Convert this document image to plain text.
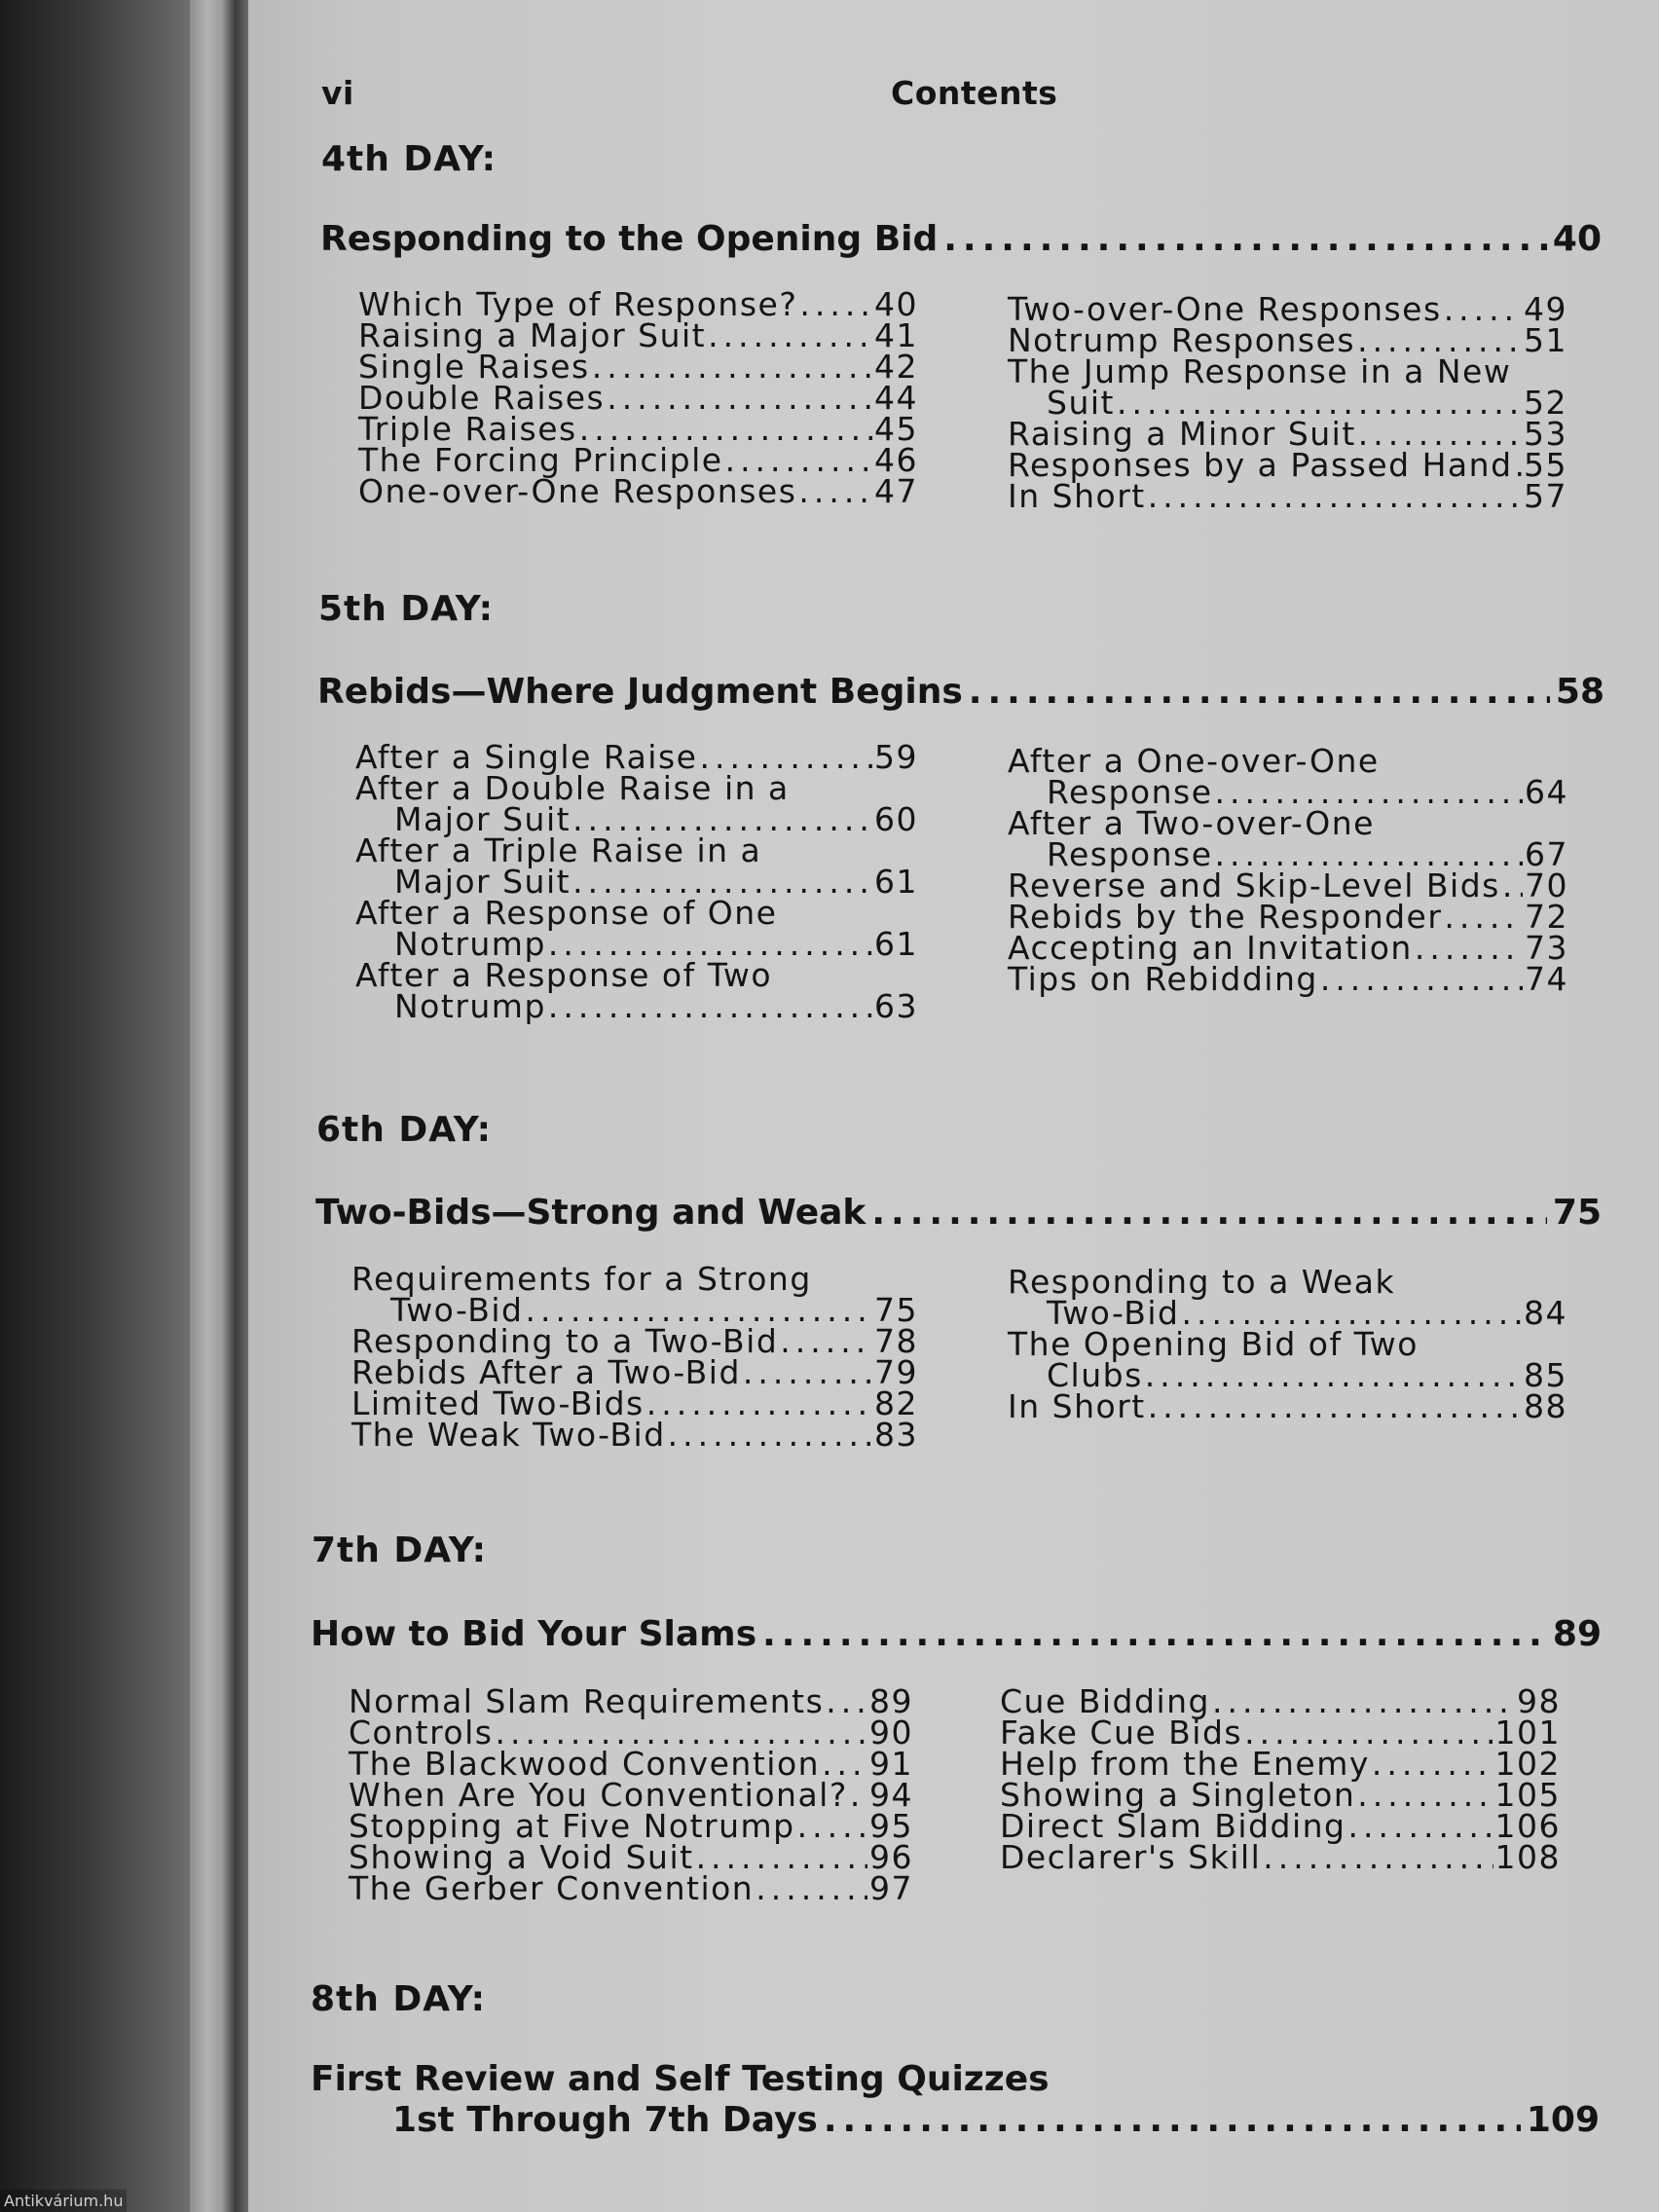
vi	Contents
4th DAY:
Responding to the Opening Bid .....	40
Which Type of Response? ..... 40
Raising a Major Suit .....	41
Single Raises .....	42
Double Raises .....	44
Triple Raises .....	45
The Forcing Principle .....	46
One-over-One Responses ..... 47
Two-over-One Responses .....	49
Notrump Responses .....	51
The Jump Response in a New
Suit .....	52
Raising a Minor Suit .....	53
Responses by a Passed Hand ..... 55
In Short .....	57
5th DAY:
Rebids—Where Judgment Begins .....	58
After a Single Raise .....	59
After a Double Raise in a
Major Suit .....	60
After a Triple Raise in a
Major Suit .....	61
After a Response of One
Notrump .....	61
After a Response of Two
Notrump .....	63
After a One-over-One
Response .....	64
After a Two-over-One
Response .....	67
Reverse and Skip-Level Bids ..... 70
Rebids by the Responder .....	72
Accepting an Invitation .....	73
Tips on Rebidding .....	74
6th DAY:
Two-Bids—Strong and Weak .....	75
Requirements for a Strong
Two-Bid .....	75
Responding to a Two-Bid .....	78
Rebids After a Two-Bid .....	79
Limited Two-Bids .....	82
The Weak Two-Bid .....	83
Responding to a Weak
Two-Bid .....	84
The Opening Bid of Two
Clubs .....	85
In Short .....	88
7th DAY:
How to Bid Your Slams .....	89
Normal Slam Requirements ..... 89
Controls .....	90
The Blackwood Convention ..... 91
When Are You Conventional? ..... 94
Stopping at Five Notrump ..... 95
Showing a Void Suit .....	96
The Gerber Convention .....	97
Cue Bidding .....	98
Fake Cue Bids .....	101
Help from the Enemy .....	102
Showing a Singleton .....	105
Direct Slam Bidding .....	106
Declarer's Skill .....	108
8th DAY:
First Review and Self Testing Quizzes
1st Through 7th Days .....	109
Antikvárium.hu
